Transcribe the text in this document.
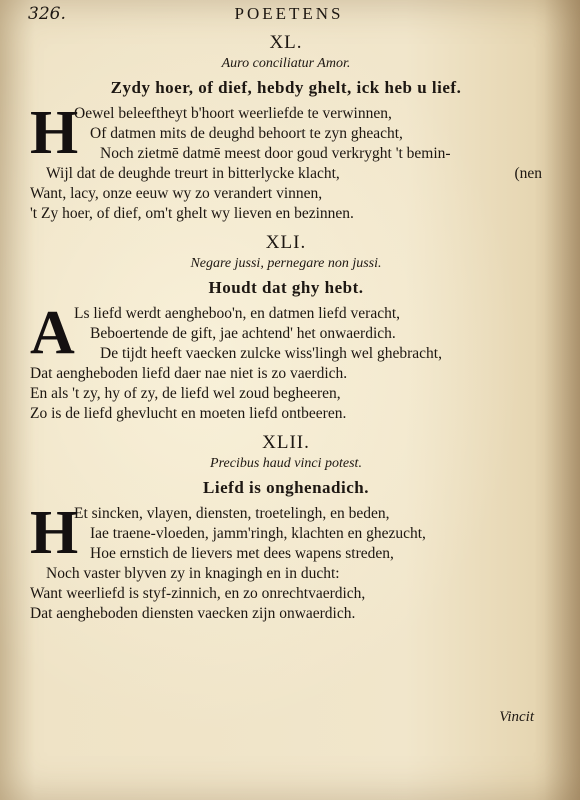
326.	POEETENS
XL.
Auro conciliatur Amor.
Zydy hoer, of dief, hebdy ghelt, ick heb u lief.
H
(nen
Oewel beleeftheyt b'hoort weerliefde te verwinnen,
Of datmen mits de deughd behoort te zyn gheacht,
Noch zietmē datmē meest door goud verkryght 't bemin-
Wijl dat de deughde treurt in bitterlycke klacht,
Want, lacy, onze eeuw wy zo verandert vinnen,
't Zy hoer, of dief, om't ghelt wy lieven en bezinnen.
XLI.
Negare jussi, pernegare non jussi.
Houdt dat ghy hebt.
A Ls liefd werdt aengheboo'n, en datmen liefd veracht,
Beboertende de gift, jae achtend' het onwaerdich.
De tijdt heeft vaecken zulcke wiss'lingh wel ghebracht,
Dat aengheboden liefd daer nae niet is zo vaerdich.
En als 't zy, hy of zy, de liefd wel zoud begheeren,
Zo is de liefd ghevlucht en moeten liefd ontbeeren.
XLII.
Precibus haud vinci potest.
Liefd is onghenadich.
H
Et sincken, vlayen, diensten, troetelingh, en beden,
Iae traene-vloeden, jamm'ringh, klachten en ghezucht,
Hoe ernstich de lievers met dees wapens streden,
Noch vaster blyven zy in knagingh en in ducht:
Want weerliefd is styf-zinnich, en zo onrechtvaerdich,
Dat aengheboden diensten vaecken zijn onwaerdich.
Vincit
